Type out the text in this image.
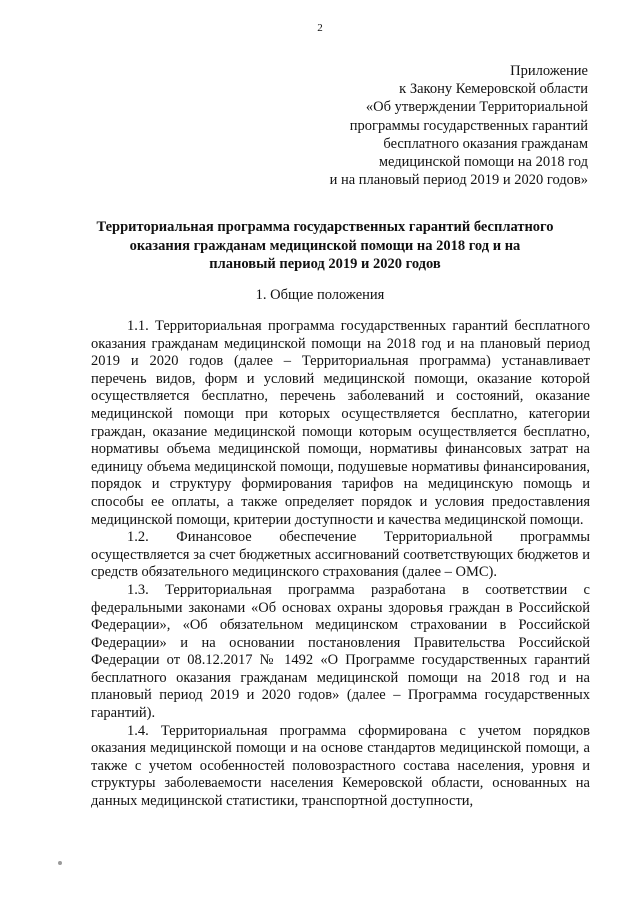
2
Приложение
к Закону Кемеровской области
«Об утверждении Территориальной
программы государственных гарантий
бесплатного оказания гражданам
медицинской помощи на 2018 год
и на плановый период 2019 и 2020 годов»
Территориальная программа государственных гарантий бесплатного оказания гражданам медицинской помощи на 2018 год и на плановый период 2019 и 2020 годов
1. Общие положения

1.1. Территориальная программа государственных гарантий бесплатного оказания гражданам медицинской помощи на 2018 год и на плановый период 2019 и 2020 годов (далее – Территориальная программа) устанавливает перечень видов, форм и условий медицинской помощи, оказание которой осуществляется бесплатно, перечень заболеваний и состояний, оказание медицинской помощи при которых осуществляется бесплатно, категории граждан, оказание медицинской помощи которым осуществляется бесплатно, нормативы объема медицинской помощи, нормативы финансовых затрат на единицу объема медицинской помощи, подушевые нормативы финансирования, порядок и структуру формирования тарифов на медицинскую помощь и способы ее оплаты, а также определяет порядок и условия предоставления медицинской помощи, критерии доступности и качества медицинской помощи.

1.2. Финансовое обеспечение Территориальной программы осуществляется за счет бюджетных ассигнований соответствующих бюджетов и средств обязательного медицинского страхования (далее – ОМС).

1.3. Территориальная программа разработана в соответствии с федеральными законами «Об основах охраны здоровья граждан в Российской Федерации», «Об обязательном медицинском страховании в Российской Федерации» и на основании постановления Правительства Российской Федерации от 08.12.2017 № 1492 «О Программе государственных гарантий бесплатного оказания гражданам медицинской помощи на 2018 год и на плановый период 2019 и 2020 годов» (далее – Программа государственных гарантий).

1.4. Территориальная программа сформирована с учетом порядков оказания медицинской помощи и на основе стандартов медицинской помощи, а также с учетом особенностей половозрастного состава населения, уровня и структуры заболеваемости населения Кемеровской области, основанных на данных медицинской статистики, транспортной доступности,
